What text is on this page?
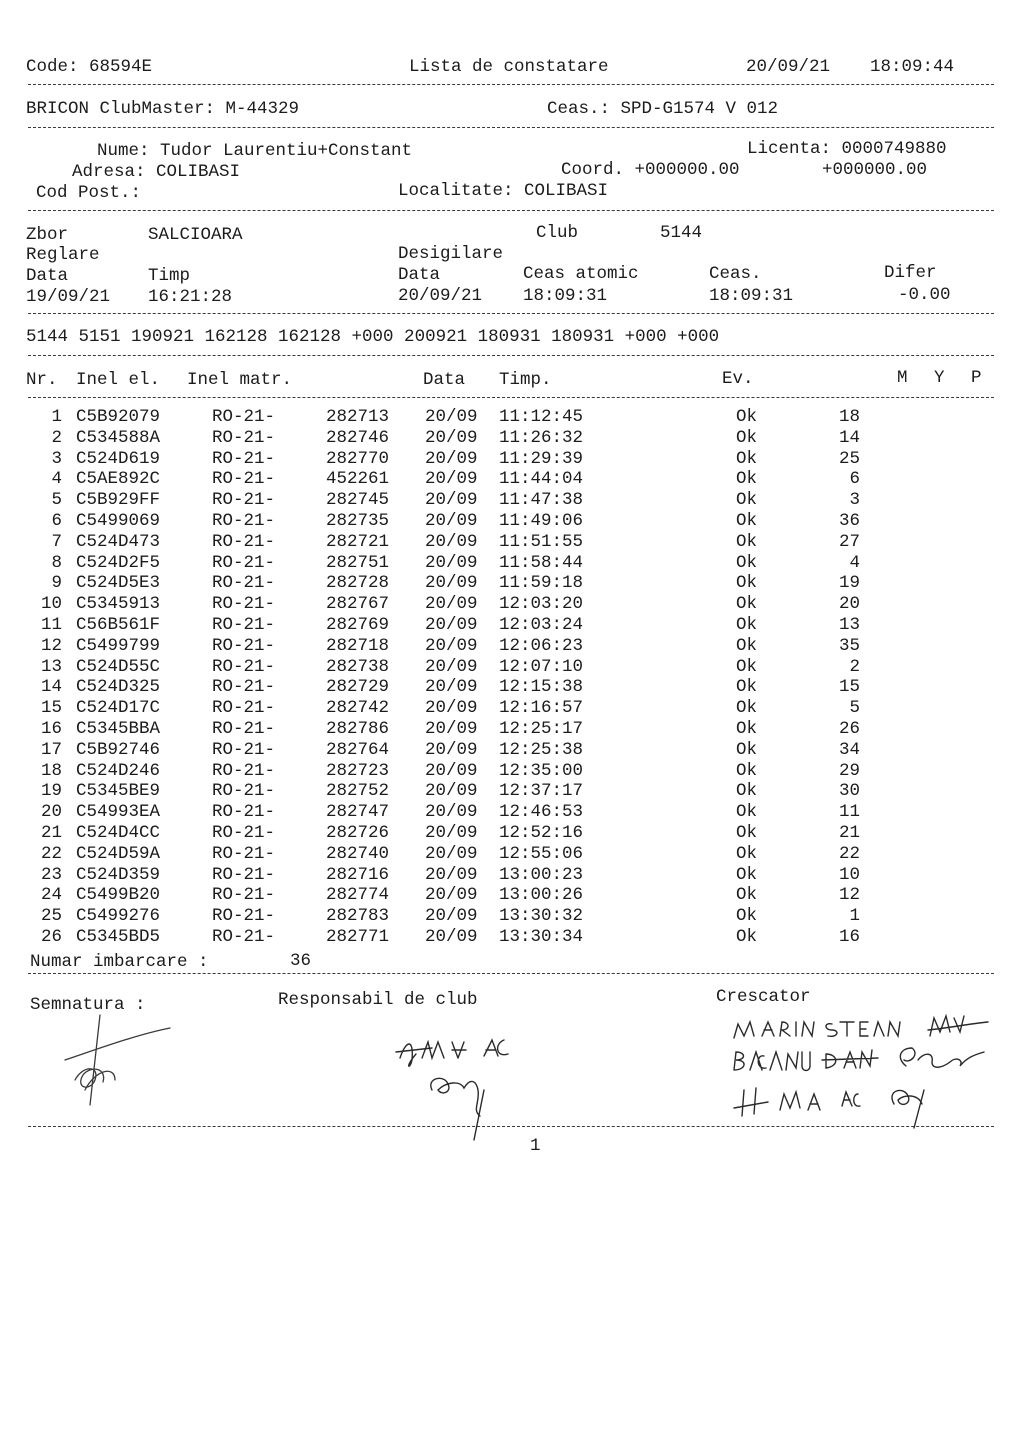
Code: 68594E	Lista de constatare	20/09/21 18:09:44
BRICON ClubMaster: M-44329	Ceas.: SPD-G1574 V 012
Nume: Tudor Laurentiu+Constant	Licenta: 0000749880
Adresa: COLIBASI	Coord. +000000.00	+000000.00
Cod Post.:	Localitate: COLIBASI
Zbor	SALCIOARA	Club	5144
Reglare	Desigilare
Data	Timp	Data	Ceas atomic	Ceas.	Difer
19/09/21 16:21:28	20/09/21 18:09:31	18:09:31	-0.00
5144 5151 190921 162128 162128 +000 200921 180931 180931 +000 +000
Nr. Inel el. Inel matr.	Data Timp.	Ev.	M Y P
1 C5B92079	RO-21-	282713	20/09	11:12:45	Ok	18
2 C534588A	RO-21-	282746	20/09	11:26:32	Ok	14
3 C524D619	RO-21-	282770	20/09	11:29:39	Ok	25
4 C5AE892C	RO-21-	452261	20/09	11:44:04	Ok	6
5 C5B929FF	RO-21-	282745	20/09	11:47:38	Ok	3
6 C5499069	RO-21-	282735	20/09	11:49:06	Ok	36
7 C524D473	RO-21-	282721	20/09	11:51:55	Ok	27
8 C524D2F5	RO-21-	282751	20/09	11:58:44	Ok	4
9 C524D5E3	RO-21-	282728	20/09	11:59:18	Ok	19
10 C5345913	RO-21-	282767	20/09	12:03:20	Ok	20
11 C56B561F	RO-21-	282769	20/09	12:03:24	Ok	13
12 C5499799	RO-21-	282718	20/09	12:06:23	Ok	35
13 C524D55C	RO-21-	282738	20/09	12:07:10	Ok	2
14 C524D325	RO-21-	282729	20/09	12:15:38	Ok	15
15 C524D17C	RO-21-	282742	20/09	12:16:57	Ok	5
16 C5345BBA	RO-21-	282786	20/09	12:25:17	Ok	26
17 C5B92746	RO-21-	282764	20/09	12:25:38	Ok	34
18 C524D246	RO-21-	282723	20/09	12:35:00	Ok	29
19 C5345BE9	RO-21-	282752	20/09	12:37:17	Ok	30
20 C54993EA	RO-21-	282747	20/09	12:46:53	Ok	11
21 C524D4CC	RO-21-	282726	20/09	12:52:16	Ok	21
22 C524D59A	RO-21-	282740	20/09	12:55:06	Ok	22
23 C524D359	RO-21-	282716	20/09	13:00:23	Ok	10
24 C5499B20	RO-21-	282774	20/09	13:00:26	Ok	12
25 C5499276	RO-21-	282783	20/09	13:30:32	Ok	1
26 C5345BD5	RO-21-	282771	20/09	13:30:34	Ok	16
Numar imbarcare :	36
Semnatura :	Responsabil de club	Crescator
1
